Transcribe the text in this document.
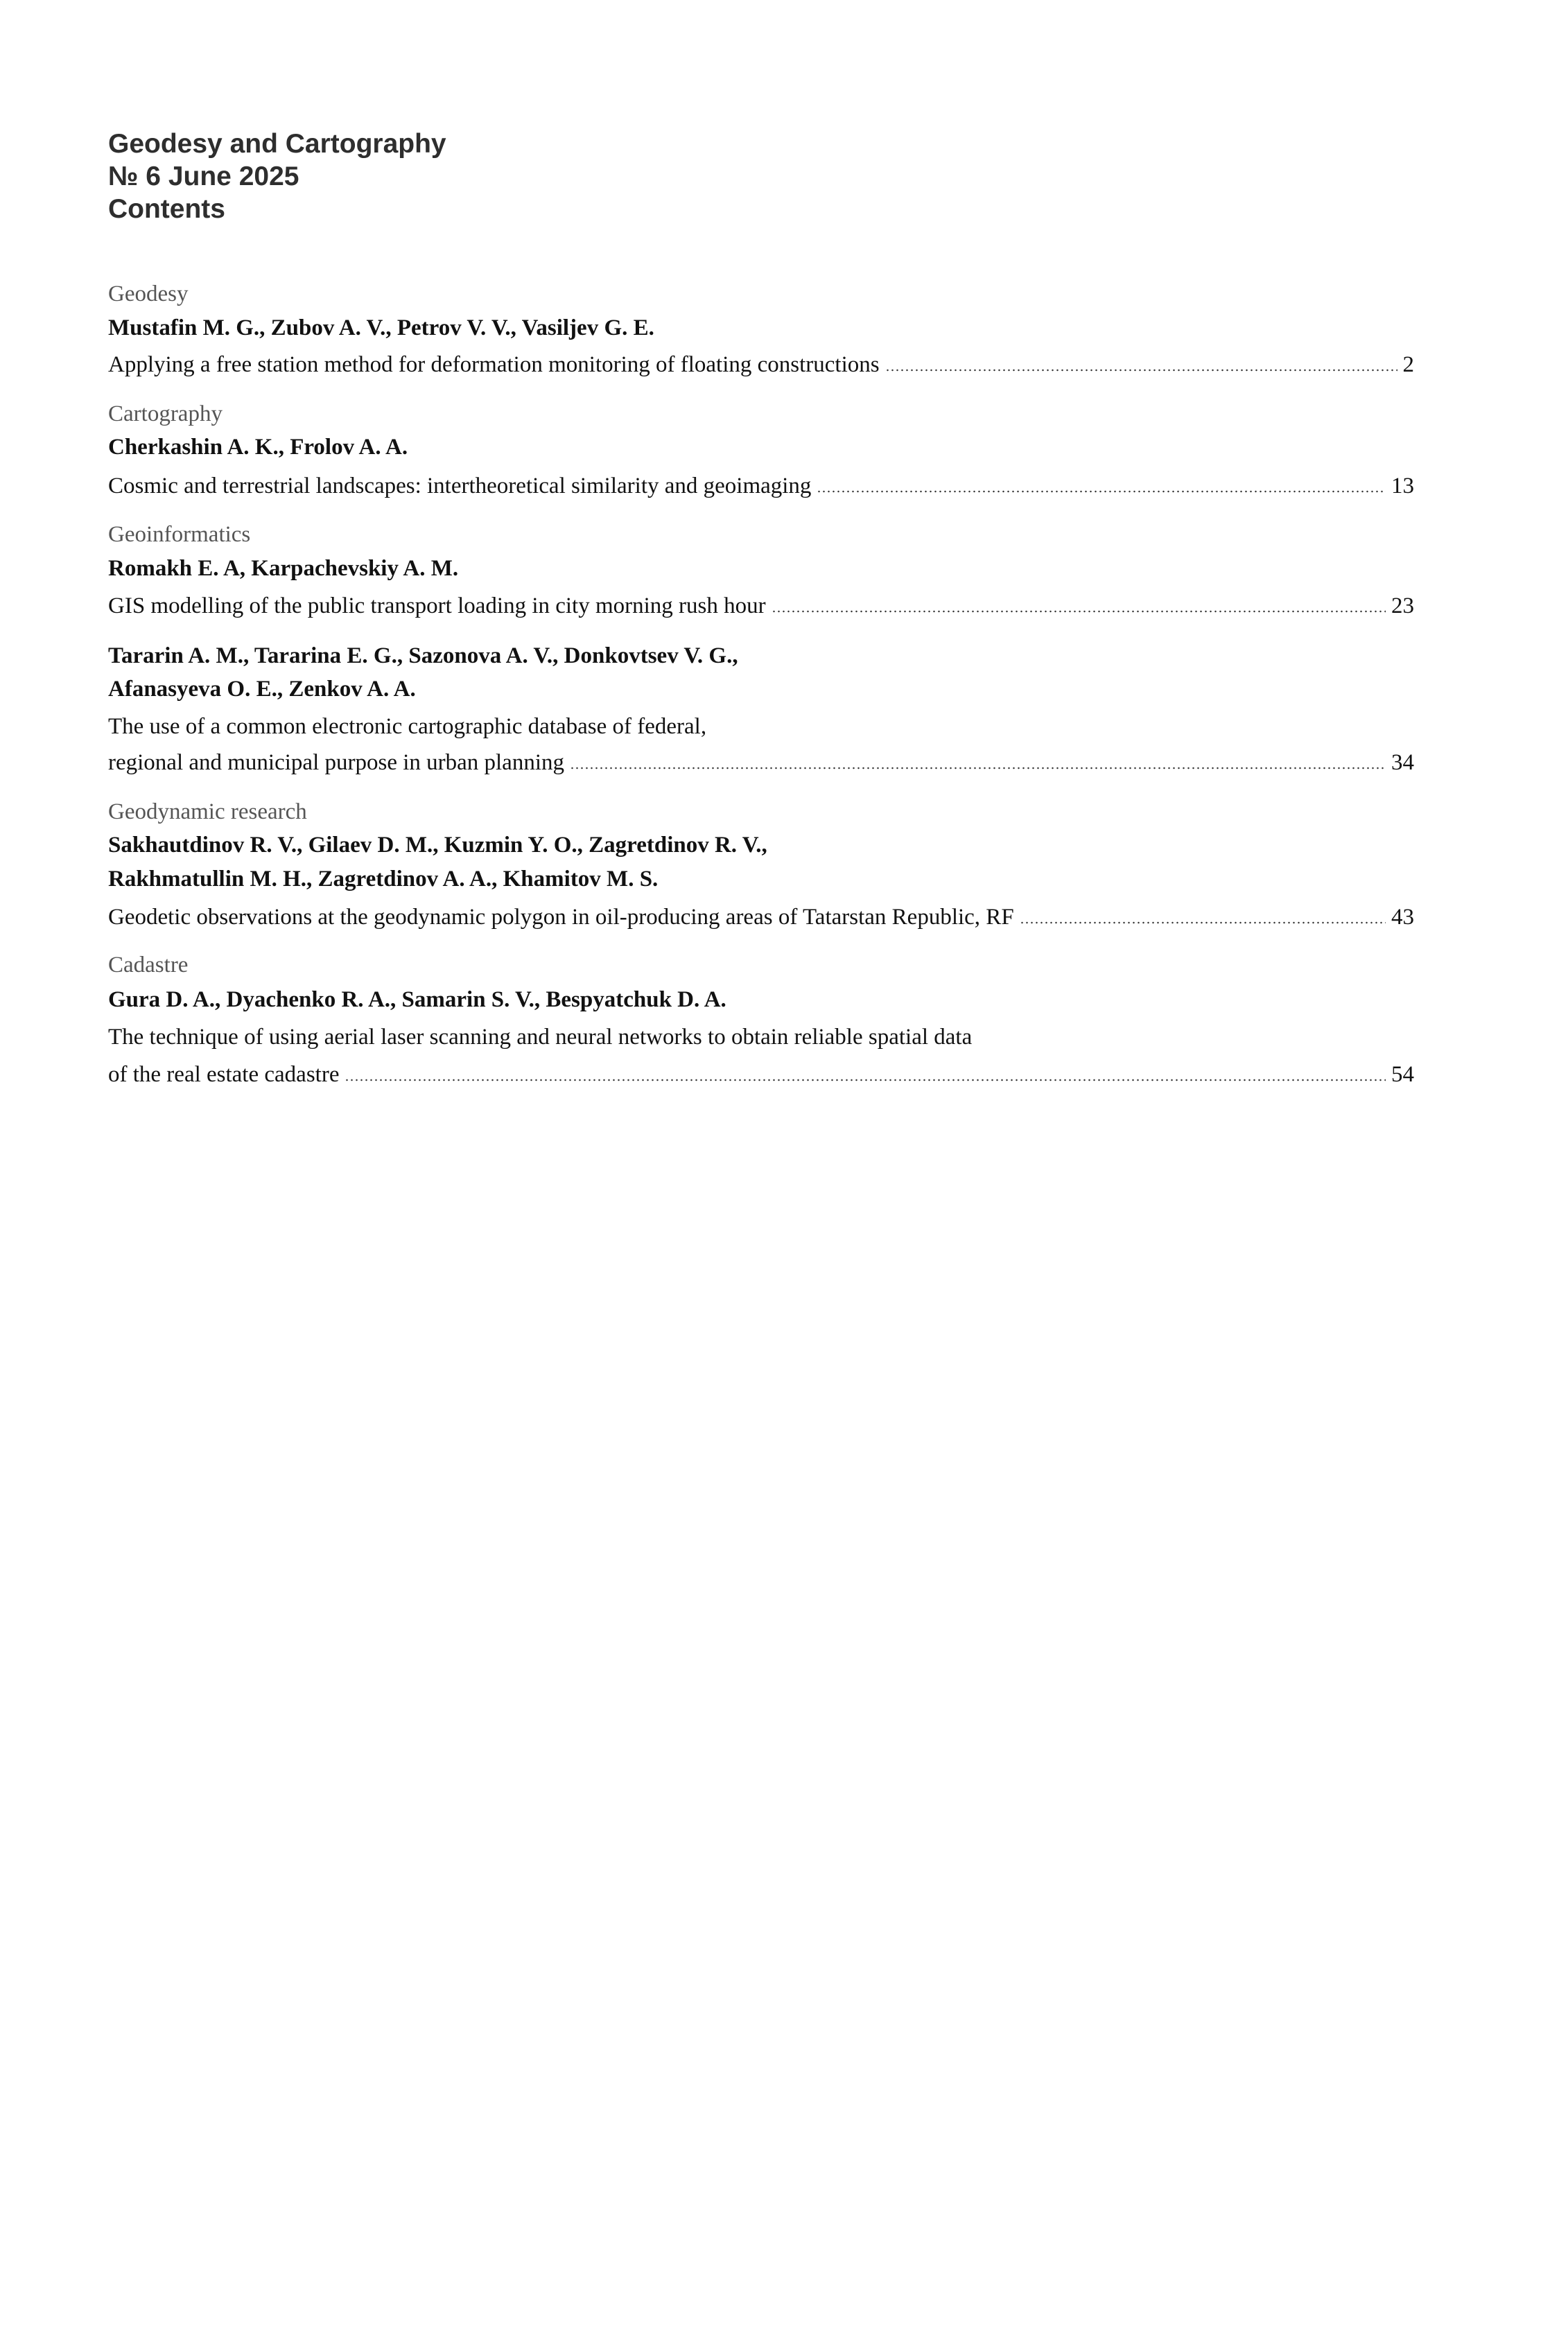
Geodesy and Cartography
№ 6 June 2025
Contents
Geodesy
Mustafin M. G., Zubov A. V., Petrov V. V., Vasiljev G. E.
Applying a free station method for deformation monitoring of floating constructions	2
Cartography
Cherkashin A. K., Frolov A. A.
Cosmic and terrestrial landscapes: intertheoretical similarity and geoimaging	13
Geoinformatics
Romakh E. A, Karpachevskiy A. M.
GIS modelling of the public transport loading in city morning rush hour	23
Tararin A. M., Tararina E. G., Sazonova A. V., Donkovtsev V. G.,
Afanasyeva O. E., Zenkov A. A.
The use of a common electronic cartographic database of federal,
regional and municipal purpose in urban planning	34
Geodynamic research
Sakhautdinov R. V., Gilaev D. M., Kuzmin Y. O., Zagretdinov R. V.,
Rakhmatullin M. H., Zagretdinov A. A., Khamitov M. S.
Geodetic observations at the geodynamic polygon in oil-producing areas of Tatarstan Republic, RF	43
Cadastre
Gura D. A., Dyachenko R. A., Samarin S. V., Bespyatchuk D. A.
The technique of using aerial laser scanning and neural networks to obtain reliable spatial data
of the real estate cadastre	54
